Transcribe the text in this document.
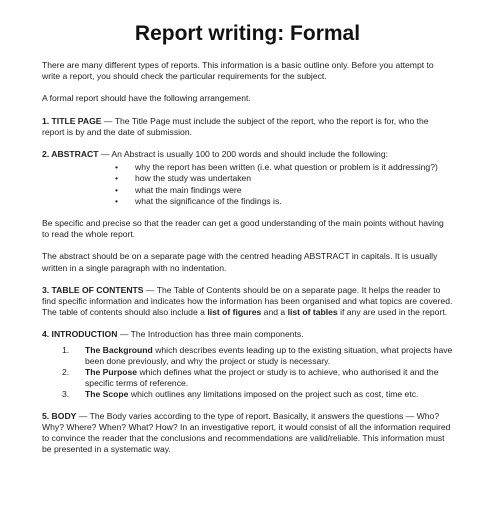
Report writing: Formal

There are many different types of reports. This information is a basic outline only. Before you attempt to write a report, you should check the particular requirements for the subject.

A formal report should have the following arrangement.

1. TITLE PAGE — The Title Page must include the subject of the report, who the report is for, who the report is by and the date of submission.

2. ABSTRACT — An Abstract is usually 100 to 200 words and should include the following:

• why the report has been written (i.e. what question or problem is it addressing?)
• how the study was undertaken
• what the main findings were
• what the significance of the findings is.

Be specific and precise so that the reader can get a good understanding of the main points without having to read the whole report.

The abstract should be on a separate page with the centred heading ABSTRACT in capitals. It is usually written in a single paragraph with no indentation.

3. TABLE OF CONTENTS — The Table of Contents should be on a separate page. It helps the reader to find specific information and indicates how the information has been organised and what topics are covered. The table of contents should also include a list of figures and a list of tables if any are used in the report.

4. INTRODUCTION — The Introduction has three main components.

1. The Background which describes events leading up to the existing situation, what projects have been done previously, and why the project or study is necessary.
2. The Purpose which defines what the project or study is to achieve, who authorised it and the specific terms of reference.
3. The Scope which outlines any limitations imposed on the project such as cost, time etc.

5. BODY — The Body varies according to the type of report. Basically, it answers the questions — Who? Why? Where? When? What? How? In an investigative report, it would consist of all the information required to convince the reader that the conclusions and recommendations are valid/reliable. This information must be presented in a systematic way.
